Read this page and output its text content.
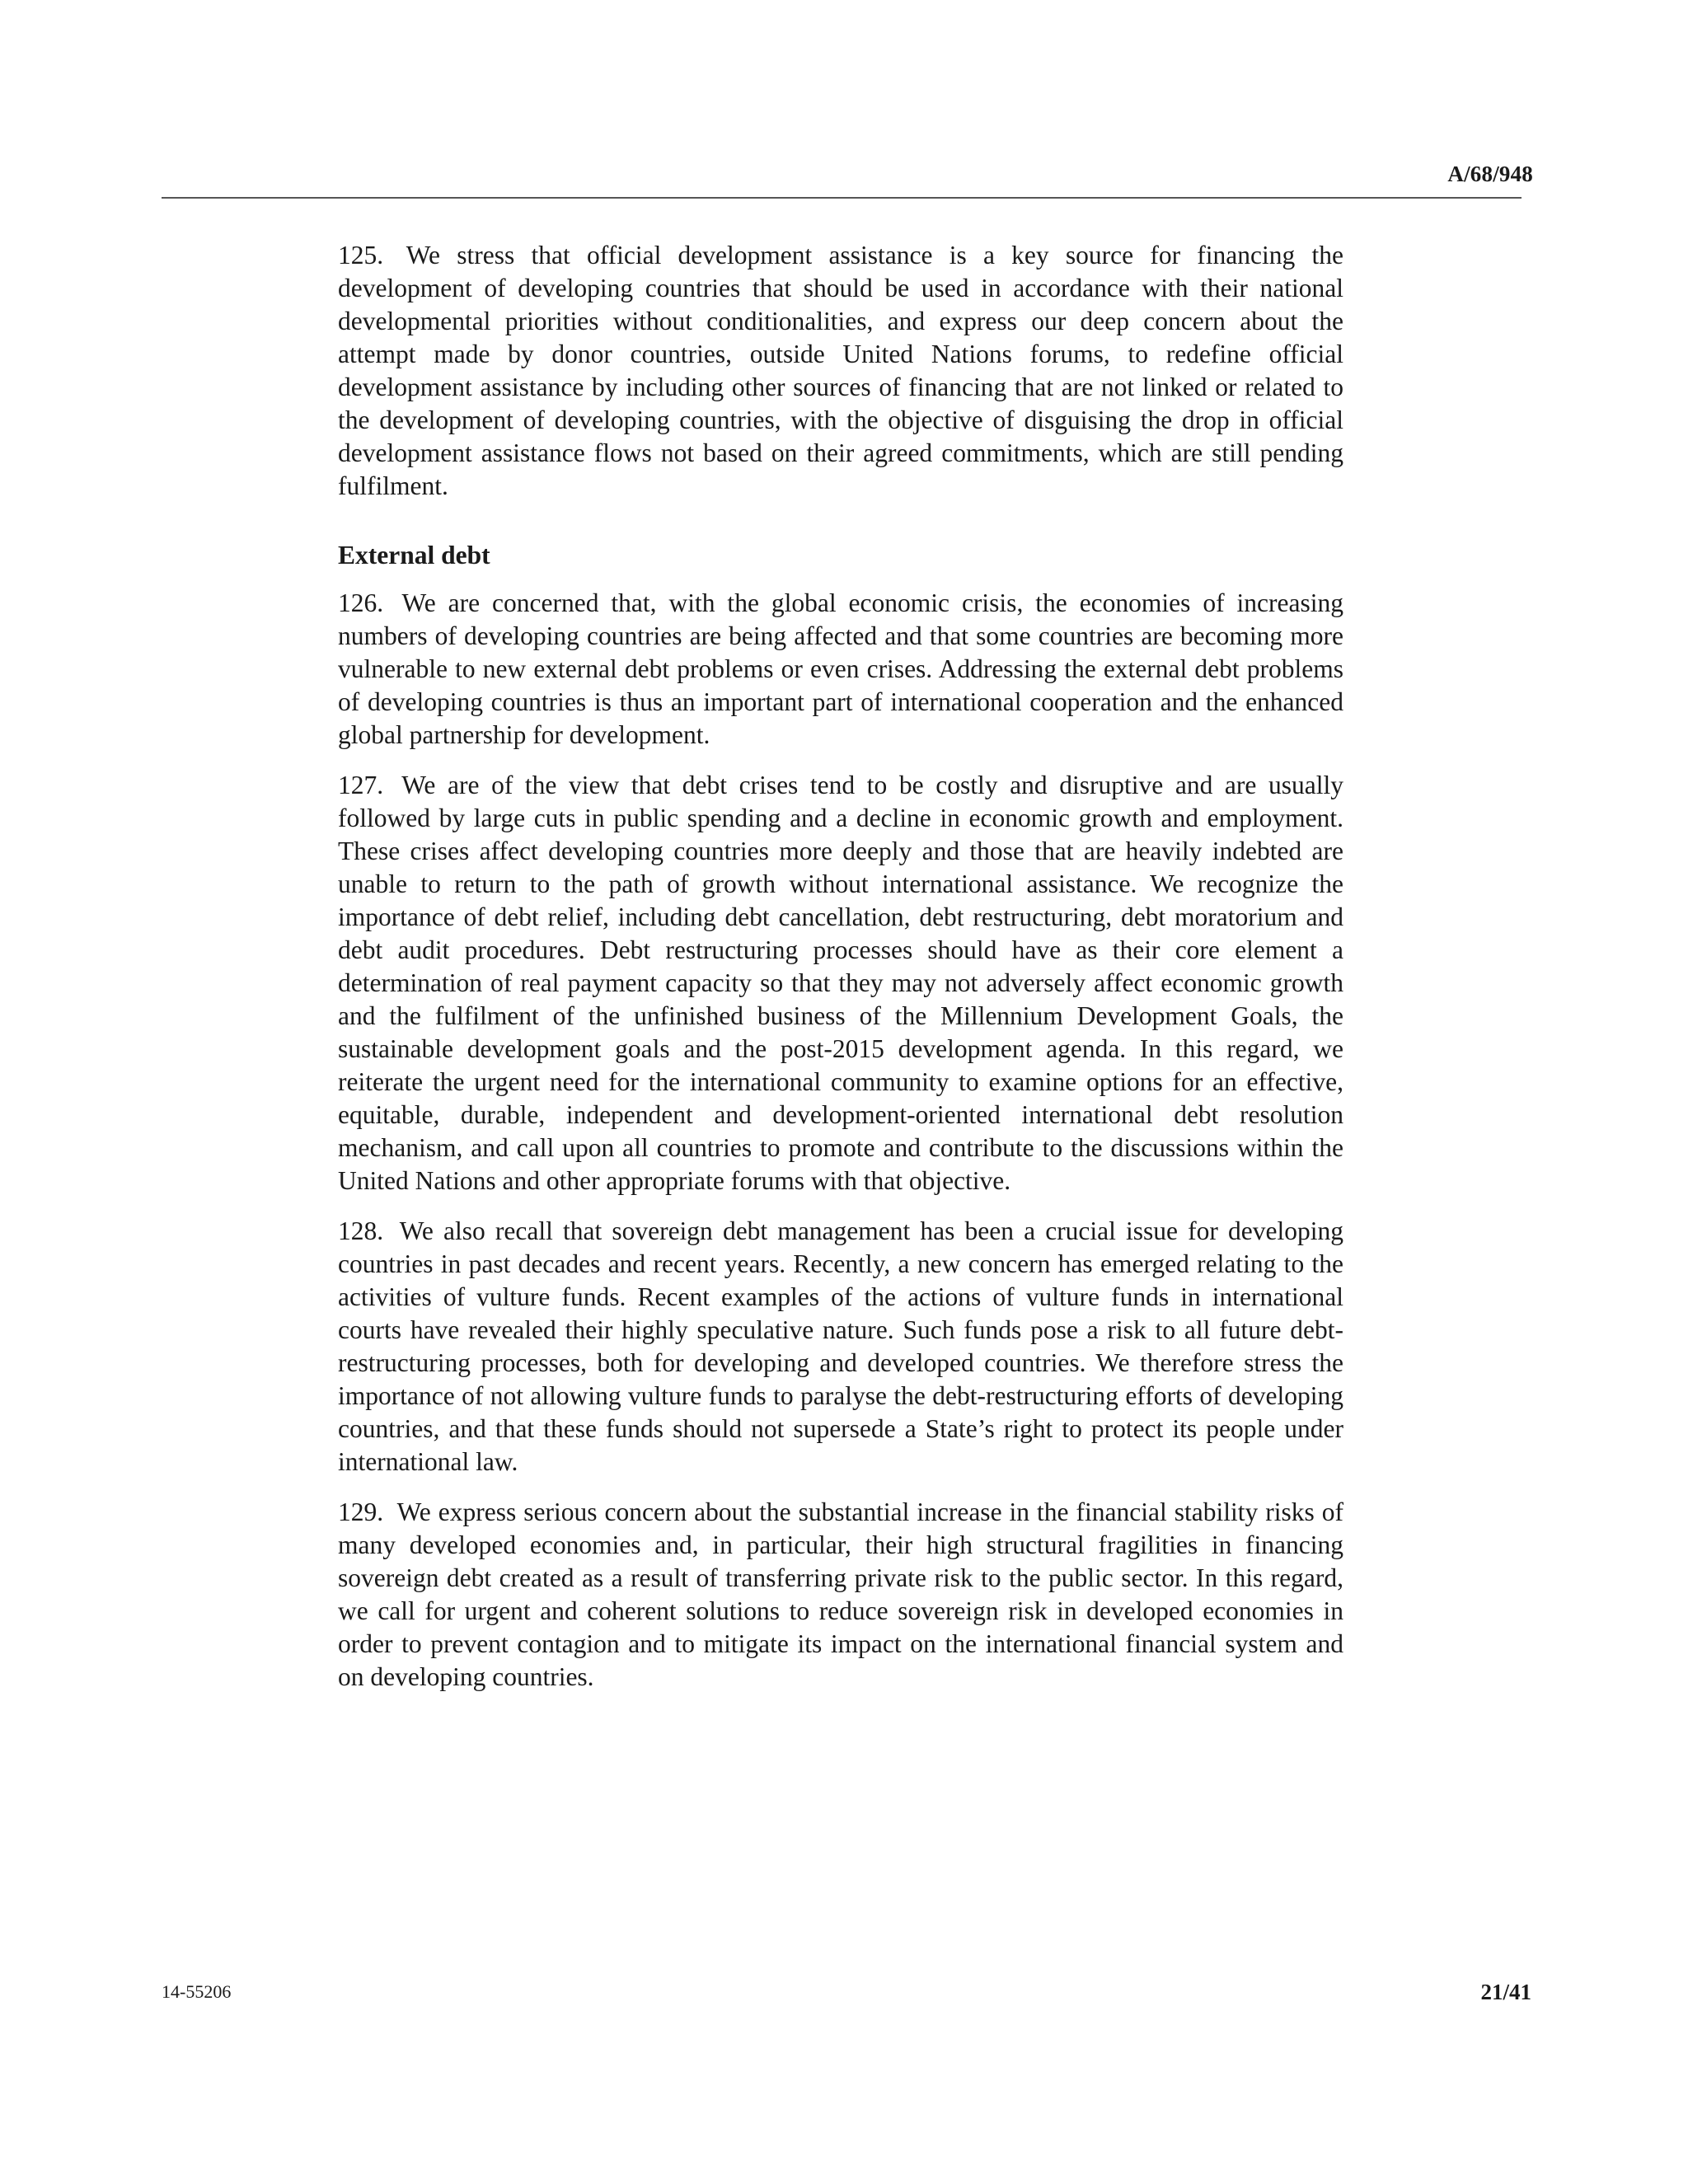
A/68/948

125. We stress that official development assistance is a key source for financing the development of developing countries that should be used in accordance with their national developmental priorities without conditionalities, and express our deep concern about the attempt made by donor countries, outside United Nations forums, to redefine official development assistance by including other sources of financing that are not linked or related to the development of developing countries, with the objective of disguising the drop in official development assistance flows not based on their agreed commitments, which are still pending fulfilment.

External debt

126. We are concerned that, with the global economic crisis, the economies of increasing numbers of developing countries are being affected and that some countries are becoming more vulnerable to new external debt problems or even crises. Addressing the external debt problems of developing countries is thus an important part of international cooperation and the enhanced global partnership for development.

127. We are of the view that debt crises tend to be costly and disruptive and are usually followed by large cuts in public spending and a decline in economic growth and employment. These crises affect developing countries more deeply and those that are heavily indebted are unable to return to the path of growth without international assistance. We recognize the importance of debt relief, including debt cancellation, debt restructuring, debt moratorium and debt audit procedures. Debt restructuring processes should have as their core element a determination of real payment capacity so that they may not adversely affect economic growth and the fulfilment of the unfinished business of the Millennium Development Goals, the sustainable development goals and the post-2015 development agenda. In this regard, we reiterate the urgent need for the international community to examine options for an effective, equitable, durable, independent and development-oriented international debt resolution mechanism, and call upon all countries to promote and contribute to the discussions within the United Nations and other appropriate forums with that objective.

128. We also recall that sovereign debt management has been a crucial issue for developing countries in past decades and recent years. Recently, a new concern has emerged relating to the activities of vulture funds. Recent examples of the actions of vulture funds in international courts have revealed their highly speculative nature. Such funds pose a risk to all future debt-restructuring processes, both for developing and developed countries. We therefore stress the importance of not allowing vulture funds to paralyse the debt-restructuring efforts of developing countries, and that these funds should not supersede a State’s right to protect its people under international law.

129. We express serious concern about the substantial increase in the financial stability risks of many developed economies and, in particular, their high structural fragilities in financing sovereign debt created as a result of transferring private risk to the public sector. In this regard, we call for urgent and coherent solutions to reduce sovereign risk in developed economies in order to prevent contagion and to mitigate its impact on the international financial system and on developing countries.

14-55206	21/41
